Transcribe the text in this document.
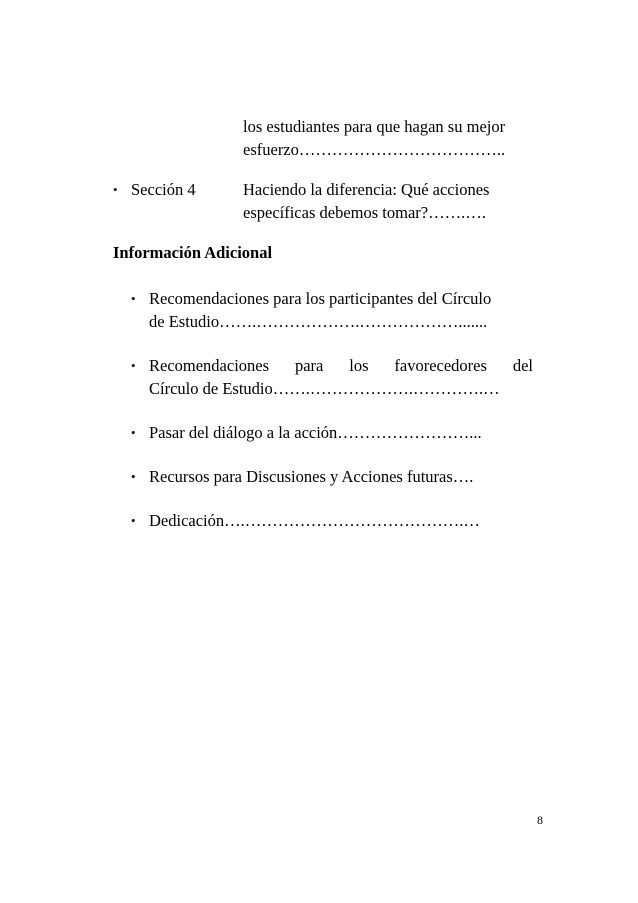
los estudiantes para que hagan su mejor
esfuerzo………………………………..
• Sección 4	Haciendo la diferencia: Qué acciones
específicas debemos tomar?…….….
Información Adicional
• Recomendaciones para los participantes del Círculo
de Estudio…….……………….……………….......
• Recomendaciones para los favorecedores del
Círculo de Estudio…….……………….………….…
• Pasar del diálogo a la acción……………………...
• Recursos para Discusiones y Acciones futuras….
• Dedicación….………………………………….…
8
